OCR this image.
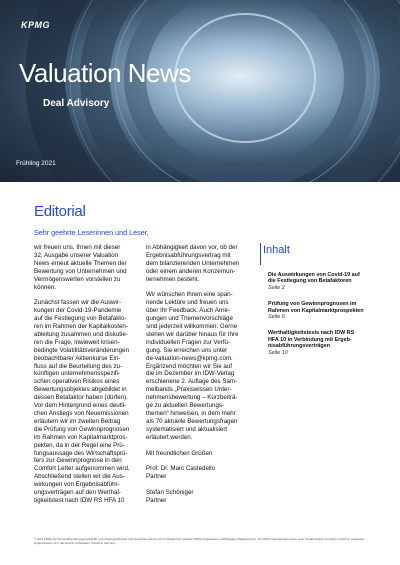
KPMG
Valuation News
Deal Advisory
Frühling 2021
Editorial
Sehr geehrte Leserinnen und Leser,

wir freuen uns, Ihnen mit dieser
32. Ausgabe unserer Valuation
News erneut aktuelle Themen der
Bewertung von Unternehmen und
Vermögenswerten vorstellen zu
können.

Zunächst fassen wir die Auswir-
kungen der Covid-19-Pandemie
auf die Festlegung von Betafakto-
ren im Rahmen der Kapitalkosten-
ableitung zusammen und diskutie-
ren die Frage, inwieweit krisen-
bedingte Volatilitätsveränderungen
beobachtbarer Aktienkurse Ein-
fluss auf die Beurteilung des zu-
künftigen unternehmensspezifi-
schen operativen Risikos eines
Bewertungsobjektes abgebildet in
dessen Betafaktor haben (dürfen).
Vor dem Hintergrund eines deutli-
chen Anstiegs von Neuemissionen
erläutern wir im zweiten Beitrag
die Prüfung von Gewinnprognosen
im Rahmen von Kapitalmarktpros-
pekten, da in der Regel eine Prü-
fungsaussage des Wirtschaftsprü-
fers zur Gewinnprognose in den
Comfort Letter aufgenommen wird.
Abschließend stellen wir die Aus-
wirkungen von Ergebnisabführ-
ungsverträgen auf den Werthal-
tigkeitstest nach IDW RS HFA 10

in Abhängigkeit davon vor, ob der
Ergebnisabführungsvertrag mit
dem bilanzierenden Unternehmen
oder einem anderen Konzernun-
ternehmen besteht.

Wir wünschen Ihnen eine span-
nende Lektüre und freuen uns
über Ihr Feedback. Auch Anre-
gungen und Themenvorschläge
sind jederzeit willkommen. Gerne
stehen wir darüber hinaus für Ihre
individuellen Fragen zur Verfü-
gung. Sie erreichen uns unter
de-valuation-news@kpmg.com.
Ergänzend möchten wir Sie auf
die im Dezember im IDW-Verlag
erschienene 2. Auflage des Sam-
melbands „Praxiswissen Unter-
nehmensbewertung – Kurzbeiträ-
ge zu aktuellen Bewertungs-
themen“ hinweisen, in dem mehr
als 70 aktuelle Bewertungsfragen
systematisiert und aktualisiert
erläutert werden.

Mit freundlichen Grüßen

Prof. Dr. Marc Castedello
Partner

Stefan Schöniger
Partner

Inhalt
Die Auswirkungen von Covid-19 auf
die Festlegung von Betafaktoren
Seite 2
Prüfung von Gewinnprognosen im
Rahmen von Kapitalmarktprospekten
Seite 6
Werthaltigkeitstests nach IDW RS
HFA 10 in Verbindung mit Ergeb-
nisabführungsverträgen
Seite 10
© 2021 KPMG AG Wirtschaftsprüfungsgesellschaft, eine Aktiengesellschaft nach deutschem Recht und ein Mitglied der globalen KPMG-Organisation unabhängiger Mitgliedsfirmen, die KPMG International Limited, einer Private English Company Limited by Guarantee, angeschlossen sind. Alle Rechte vorbehalten. Printed in Germany.
